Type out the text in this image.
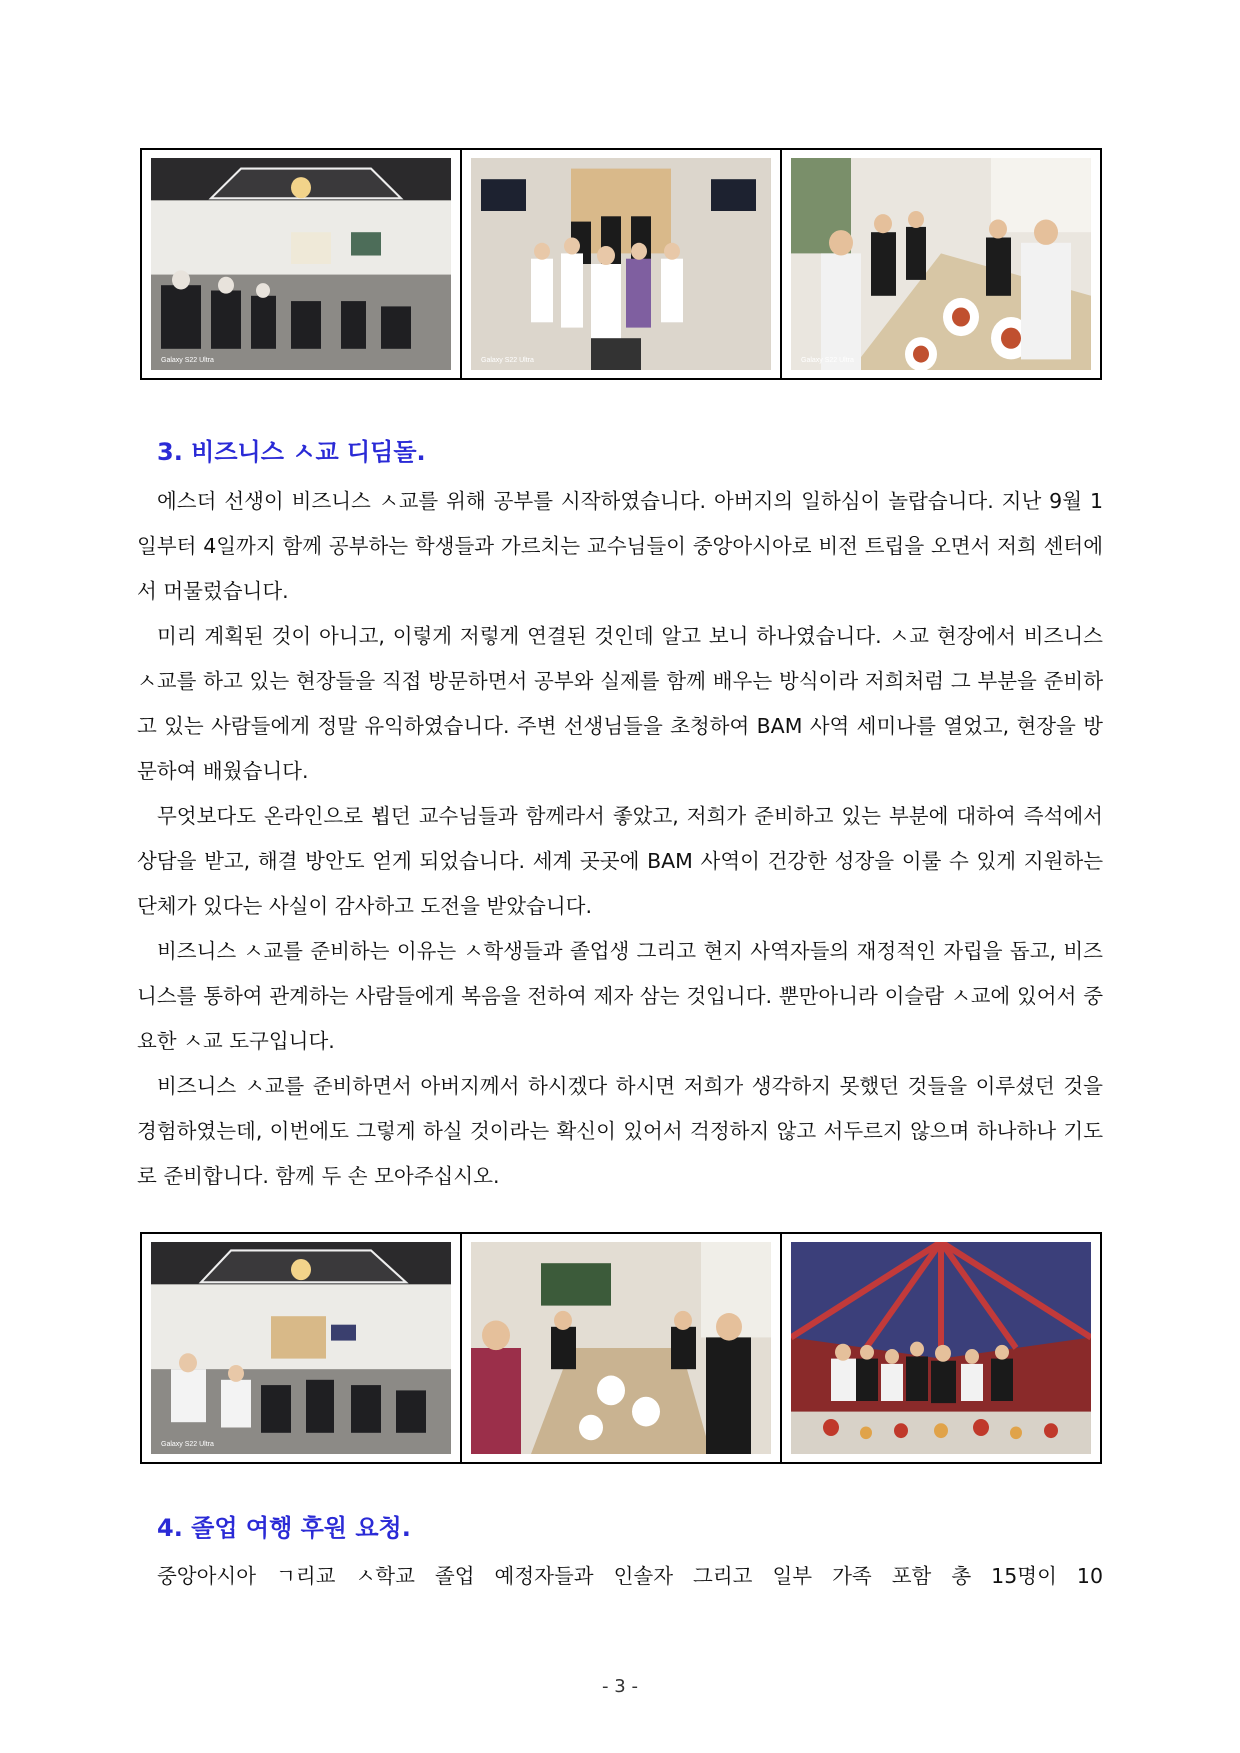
Galaxy S22 Ultra	Galaxy S22 Ultra	Galaxy S22 Ultra
3. 비즈니스 ㅅ교 디딤돌.

에스더 선생이 비즈니스 ㅅ교를 위해 공부를 시작하였습니다. 아버지의 일하심이 놀랍습니다. 지난 9월 1일부터 4일까지 함께 공부하는 학생들과 가르치는 교수님들이 중앙아시아로 비전 트립을 오면서 저희 센터에서 머물렀습니다.

미리 계획된 것이 아니고, 이렇게 저렇게 연결된 것인데 알고 보니 하나였습니다. ㅅ교 현장에서 비즈니스 ㅅ교를 하고 있는 현장들을 직접 방문하면서 공부와 실제를 함께 배우는 방식이라 저희처럼 그 부분을 준비하고 있는 사람들에게 정말 유익하였습니다. 주변 선생님들을 초청하여 BAM 사역 세미나를 열었고, 현장을 방문하여 배웠습니다.

무엇보다도 온라인으로 뵙던 교수님들과 함께라서 좋았고, 저희가 준비하고 있는 부분에 대하여 즉석에서 상담을 받고, 해결 방안도 얻게 되었습니다. 세계 곳곳에 BAM 사역이 건강한 성장을 이룰 수 있게 지원하는 단체가 있다는 사실이 감사하고 도전을 받았습니다.

비즈니스 ㅅ교를 준비하는 이유는 ㅅ학생들과 졸업생 그리고 현지 사역자들의 재정적인 자립을 돕고, 비즈니스를 통하여 관계하는 사람들에게 복음을 전하여 제자 삼는 것입니다. 뿐만아니라 이슬람 ㅅ교에 있어서 중요한 ㅅ교 도구입니다.

비즈니스 ㅅ교를 준비하면서 아버지께서 하시겠다 하시면 저희가 생각하지 못했던 것들을 이루셨던 것을 경험하였는데, 이번에도 그렇게 하실 것이라는 확신이 있어서 걱정하지 않고 서두르지 않으며 하나하나 기도로 준비합니다. 함께 두 손 모아주십시오.

Galaxy S22 Ultra
4. 졸업 여행 후원 요청.

중앙아시아 ㄱ리교 ㅅ학교 졸업 예정자들과 인솔자 그리고 일부 가족 포함 총 15명이 10

- 3 -
